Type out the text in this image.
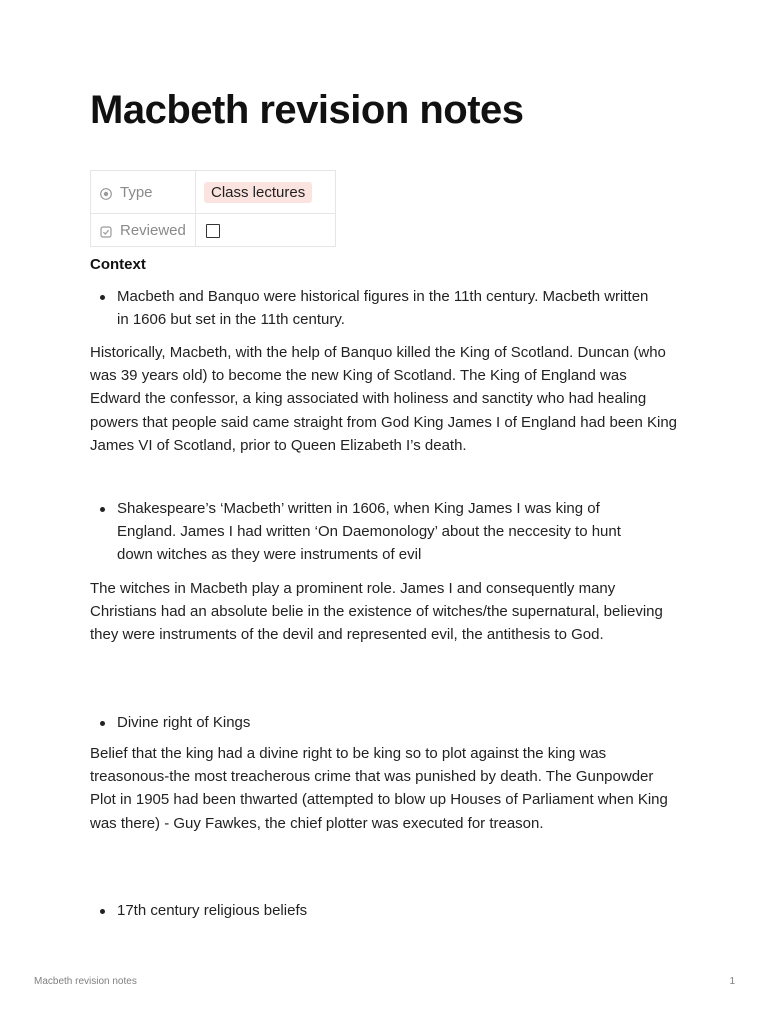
Macbeth revision notes
Type	Class lectures
Reviewed

Context

Macbeth and Banquo were historical figures in the 11th century. Macbeth written in 1606 but set in the 11th century.
Historically, Macbeth, with the help of Banquo killed the King of Scotland. Duncan (who was 39 years old) to become the new King of Scotland. The King of England was Edward the confessor, a king associated with holiness and sanctity who had healing powers that people said came straight from God King James I of England had been King James VI of Scotland, prior to Queen Elizabeth I’s death.
Shakespeare’s ‘Macbeth’ written in 1606, when King James I was king of England. James I had written ‘On Daemonology’ about the neccesity to hunt down witches as they were instruments of evil
The witches in Macbeth play a prominent role. James I and consequently many Christians had an absolute belie in the existence of witches/the supernatural, believing they were instruments of the devil and represented evil, the antithesis to God.
Divine right of Kings
Belief that the king had a divine right to be king so to plot against the king was treasonous-the most treacherous crime that was punished by death. The Gunpowder Plot in 1905 had been thwarted (attempted to blow up Houses of Parliament when King was there) - Guy Fawkes, the chief plotter was executed for treason.
17th century religious beliefs
Macbeth revision notes	1
